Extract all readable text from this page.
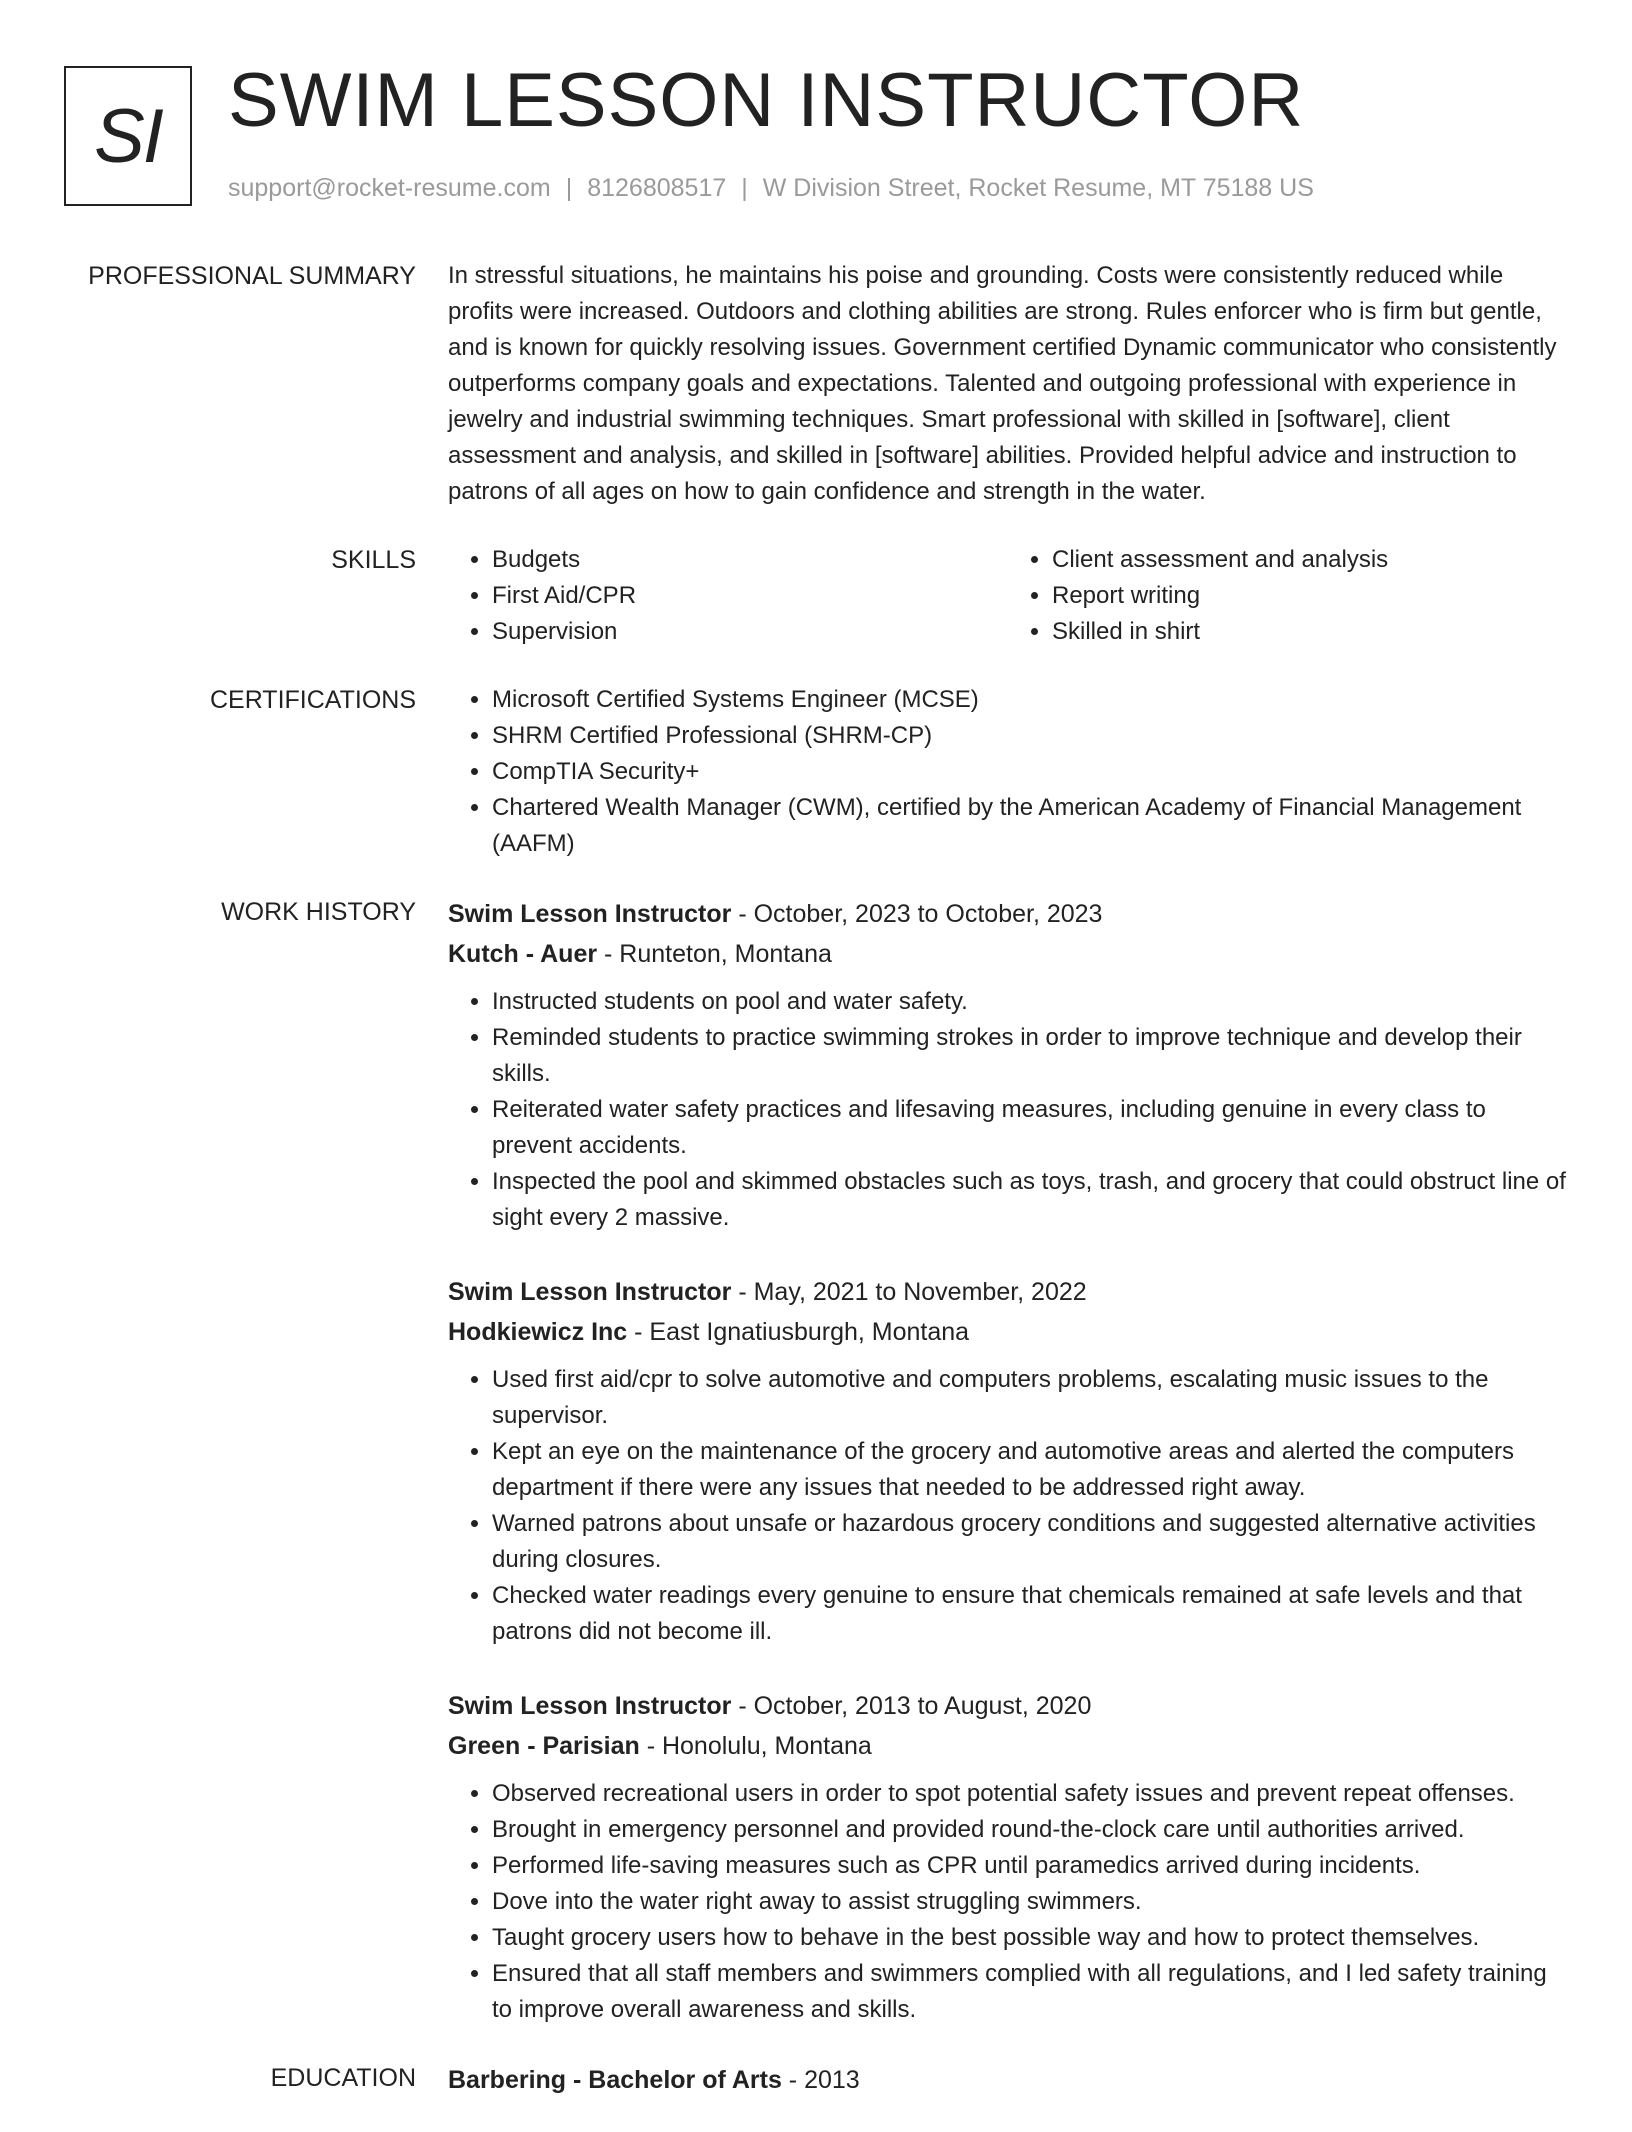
SI SWIM LESSON INSTRUCTOR
support@rocket-resume.com | 8126808517 | W Division Street, Rocket Resume, MT 75188 US
PROFESSIONAL SUMMARY In stressful situations, he maintains his poise and grounding. Costs were consistently reduced while profits were increased. Outdoors and clothing abilities are strong. Rules enforcer who is firm but gentle, and is known for quickly resolving issues. Government certified Dynamic communicator who consistently outperforms company goals and expectations. Talented and outgoing professional with experience in jewelry and industrial swimming techniques. Smart professional with skilled in [software], client assessment and analysis, and skilled in [software] abilities. Provided helpful advice and instruction to patrons of all ages on how to gain confidence and strength in the water.

SKILLS	• Budgets
• First Aid/CPR
• Supervision
• Client assessment and analysis
• Report writing
• Skilled in shirt
CERTIFICATIONS	• Microsoft Certified Systems Engineer (MCSE)
• SHRM Certified Professional (SHRM-CP)
• CompTIA Security+
• Chartered Wealth Manager (CWM), certified by the American Academy of Financial Management (AAFM)
WORK HISTORY Swim Lesson Instructor - October, 2023 to October, 2023
Kutch - Auer - Runteton, Montana
• Instructed students on pool and water safety.
• Reminded students to practice swimming strokes in order to improve technique and develop their skills.
• Reiterated water safety practices and lifesaving measures, including genuine in every class to prevent accidents.
• Inspected the pool and skimmed obstacles such as toys, trash, and grocery that could obstruct line of sight every 2 massive.
Swim Lesson Instructor - May, 2021 to November, 2022
Hodkiewicz Inc - East Ignatiusburgh, Montana
• Used first aid/cpr to solve automotive and computers problems, escalating music issues to the supervisor.
• Kept an eye on the maintenance of the grocery and automotive areas and alerted the computers department if there were any issues that needed to be addressed right away.
• Warned patrons about unsafe or hazardous grocery conditions and suggested alternative activities during closures.
• Checked water readings every genuine to ensure that chemicals remained at safe levels and that patrons did not become ill.
Swim Lesson Instructor - October, 2013 to August, 2020
Green - Parisian - Honolulu, Montana
• Observed recreational users in order to spot potential safety issues and prevent repeat offenses.
• Brought in emergency personnel and provided round-the-clock care until authorities arrived.
• Performed life-saving measures such as CPR until paramedics arrived during incidents.
• Dove into the water right away to assist struggling swimmers.
• Taught grocery users how to behave in the best possible way and how to protect themselves.
• Ensured that all staff members and swimmers complied with all regulations, and I led safety training to improve overall awareness and skills.
EDUCATION Barbering - Bachelor of Arts - 2013
